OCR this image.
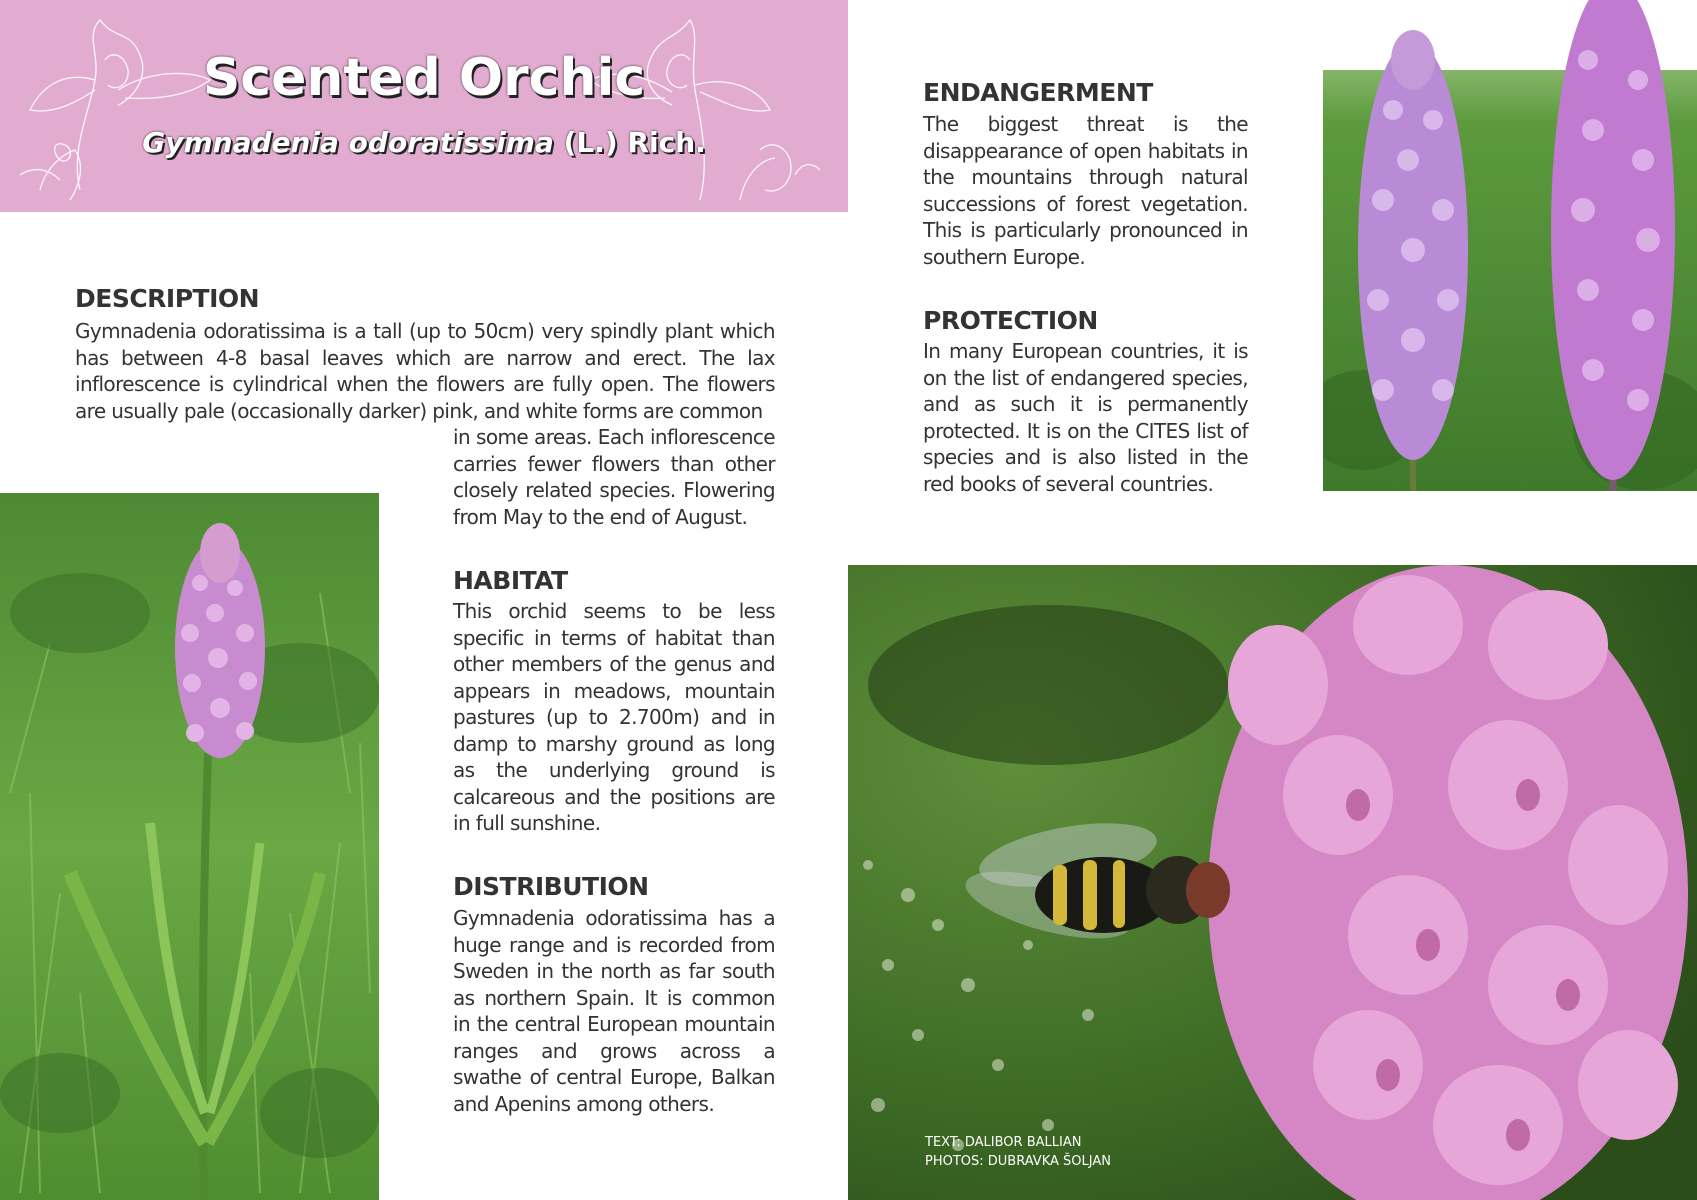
Scented Orchic
Gymnadenia odoratissima (L.) Rich.
DESCRIPTION

Gymnadenia odoratissima is a tall (up to 50cm) very spindly plant which has between 4-8 basal leaves which are narrow and erect. The lax inflorescence is cylindrical when the flowers are fully open. The flowers are usually pale (occasionally darker) pink, and white forms are common

in some areas. Each inflorescence carries fewer flowers than other closely related species. Flowering from May to the end of August.

HABITAT

This orchid seems to be less specific in terms of habitat than other members of the genus and appears in meadows, mountain pastures (up to 2.700m) and in damp to marshy ground as long as the underlying ground is calcareous and the positions are in full sunshine.

DISTRIBUTION

Gymnadenia odoratissima has a huge range and is recorded from Sweden in the north as far south as northern Spain. It is common in the central European mountain ranges and grows across a swathe of central Europe, Balkan and Apenins among others.

ENDANGERMENT

The biggest threat is the disappearance of open habitats in the mountains through natural successions of forest vegetation. This is particularly pronounced in southern Europe.

PROTECTION

In many European countries, it is on the list of endangered species, and as such it is permanently protected. It is on the CITES list of species and is also listed in the red books of several countries.

TEXT: DALIBOR BALLIAN
PHOTOS: DUBRAVKA ŠOLJAN
